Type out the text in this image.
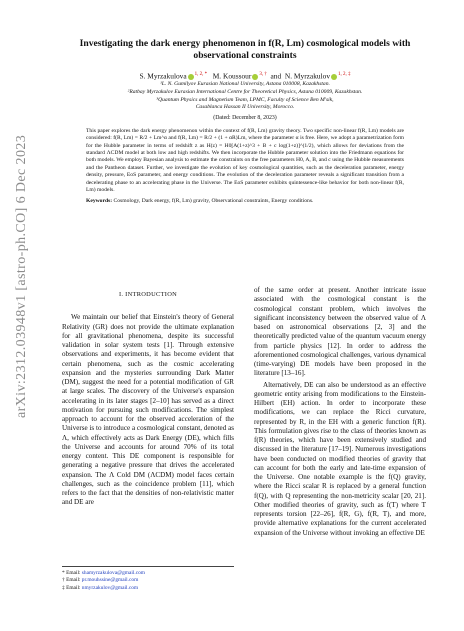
arXiv:2312.03948v1 [astro-ph.CO] 6 Dec 2023
Investigating the dark energy phenomenon in f(R, Lm) cosmological models with
observational constraints
S. Myrzakulova $^{1, 2, *}$ M. Koussour $^{3, \dagger}$  and  N. Myrzakulov $^{1, 2, \ddagger}$
¹L. N. Gumilyov Eurasian National University, Astana 010008, Kazakhstan.
²Ratbay Myrzakulov Eurasian International Centre for Theoretical Physics, Astana 010009, Kazakhstan.
³Quantum Physics and Magnetism Team, LPMC, Faculty of Science Ben M'sik,
Casablanca Hassan II University, Morocco.
(Dated: December 8, 2023)
This paper explores the dark energy phenomenon within the context of f(R, Lm) gravity theory. Two specific non-linear f(R, Lm) models are considered: f(R, Lm) = R/2 + Lm^α and f(R, Lm) = R/2 + (1 + αR)Lm, where the parameter α is free. Here, we adopt a parametrization form for the Hubble parameter in terms of redshift z as H(z) = H0[A(1+z)^3 + B + c log(1+z)]^(1/2), which allows for deviations from the standard ΛCDM model at both low and high redshifts. We then incorporate the Hubble parameter solution into the Friedmann equations for both models. We employ Bayesian analysis to estimate the constraints on the free parameters H0, A, B, and c using the Hubble measurements and the Pantheon dataset. Further, we investigate the evolution of key cosmological quantities, such as the deceleration parameter, energy density, pressure, EoS parameter, and energy conditions. The evolution of the deceleration parameter reveals a significant transition from a decelerating phase to an accelerating phase in the Universe. The EoS parameter exhibits quintessence-like behavior for both non-linear f(R, Lm) models.
Keywords: Cosmology, Dark energy, f(R, Lm) gravity, Observational constraints, Energy conditions.
I. INTRODUCTION

We maintain our belief that Einstein's theory of General Relativity (GR) does not provide the ultimate explanation for all gravitational phenomena, despite its successful validation in solar system tests [1]. Through extensive observations and experiments, it has become evident that certain phenomena, such as the cosmic accelerating expansion and the mysteries surrounding Dark Matter (DM), suggest the need for a potential modification of GR at large scales. The discovery of the Universe's expansion accelerating in its later stages [2–10] has served as a direct motivation for pursuing such modifications. The simplest approach to account for the observed acceleration of the Universe is to introduce a cosmological constant, denoted as Λ, which effectively acts as Dark Energy (DE), which fills the Universe and accounts for around 70% of its total energy content. This DE component is responsible for generating a negative pressure that drives the accelerated expansion. The Λ Cold DM (ΛCDM) model faces certain challenges, such as the coincidence problem [11], which refers to the fact that the densities of non-relativistic matter and DE are

* Email: shamyrzakulova@gmail.com
† Email: pr.mouhssine@gmail.com
‡ Email: nmyrzakulov@gmail.com

of the same order at present. Another intricate issue associated with the cosmological constant is the cosmological constant problem, which involves the significant inconsistency between the observed value of Λ based on astronomical observations [2, 3] and the theoretically predicted value of the quantum vacuum energy from particle physics [12]. In order to address the aforementioned cosmological challenges, various dynamical (time-varying) DE models have been proposed in the literature [13–16].

Alternatively, DE can also be understood as an effective geometric entity arising from modifications to the Einstein-Hilbert (EH) action. In order to incorporate these modifications, we can replace the Ricci curvature, represented by R, in the EH with a generic function f(R). This formulation gives rise to the class of theories known as f(R) theories, which have been extensively studied and discussed in the literature [17–19]. Numerous investigations have been conducted on modified theories of gravity that can account for both the early and late-time expansion of the Universe. One notable example is the f(Q) gravity, where the Ricci scalar R is replaced by a general function f(Q), with Q representing the non-metricity scalar [20, 21]. Other modified theories of gravity, such as f(T) where T represents torsion [22–26], f(R, G), f(R, T), and more, provide alternative explanations for the current accelerated expansion of the Universe without invoking an effective DE
